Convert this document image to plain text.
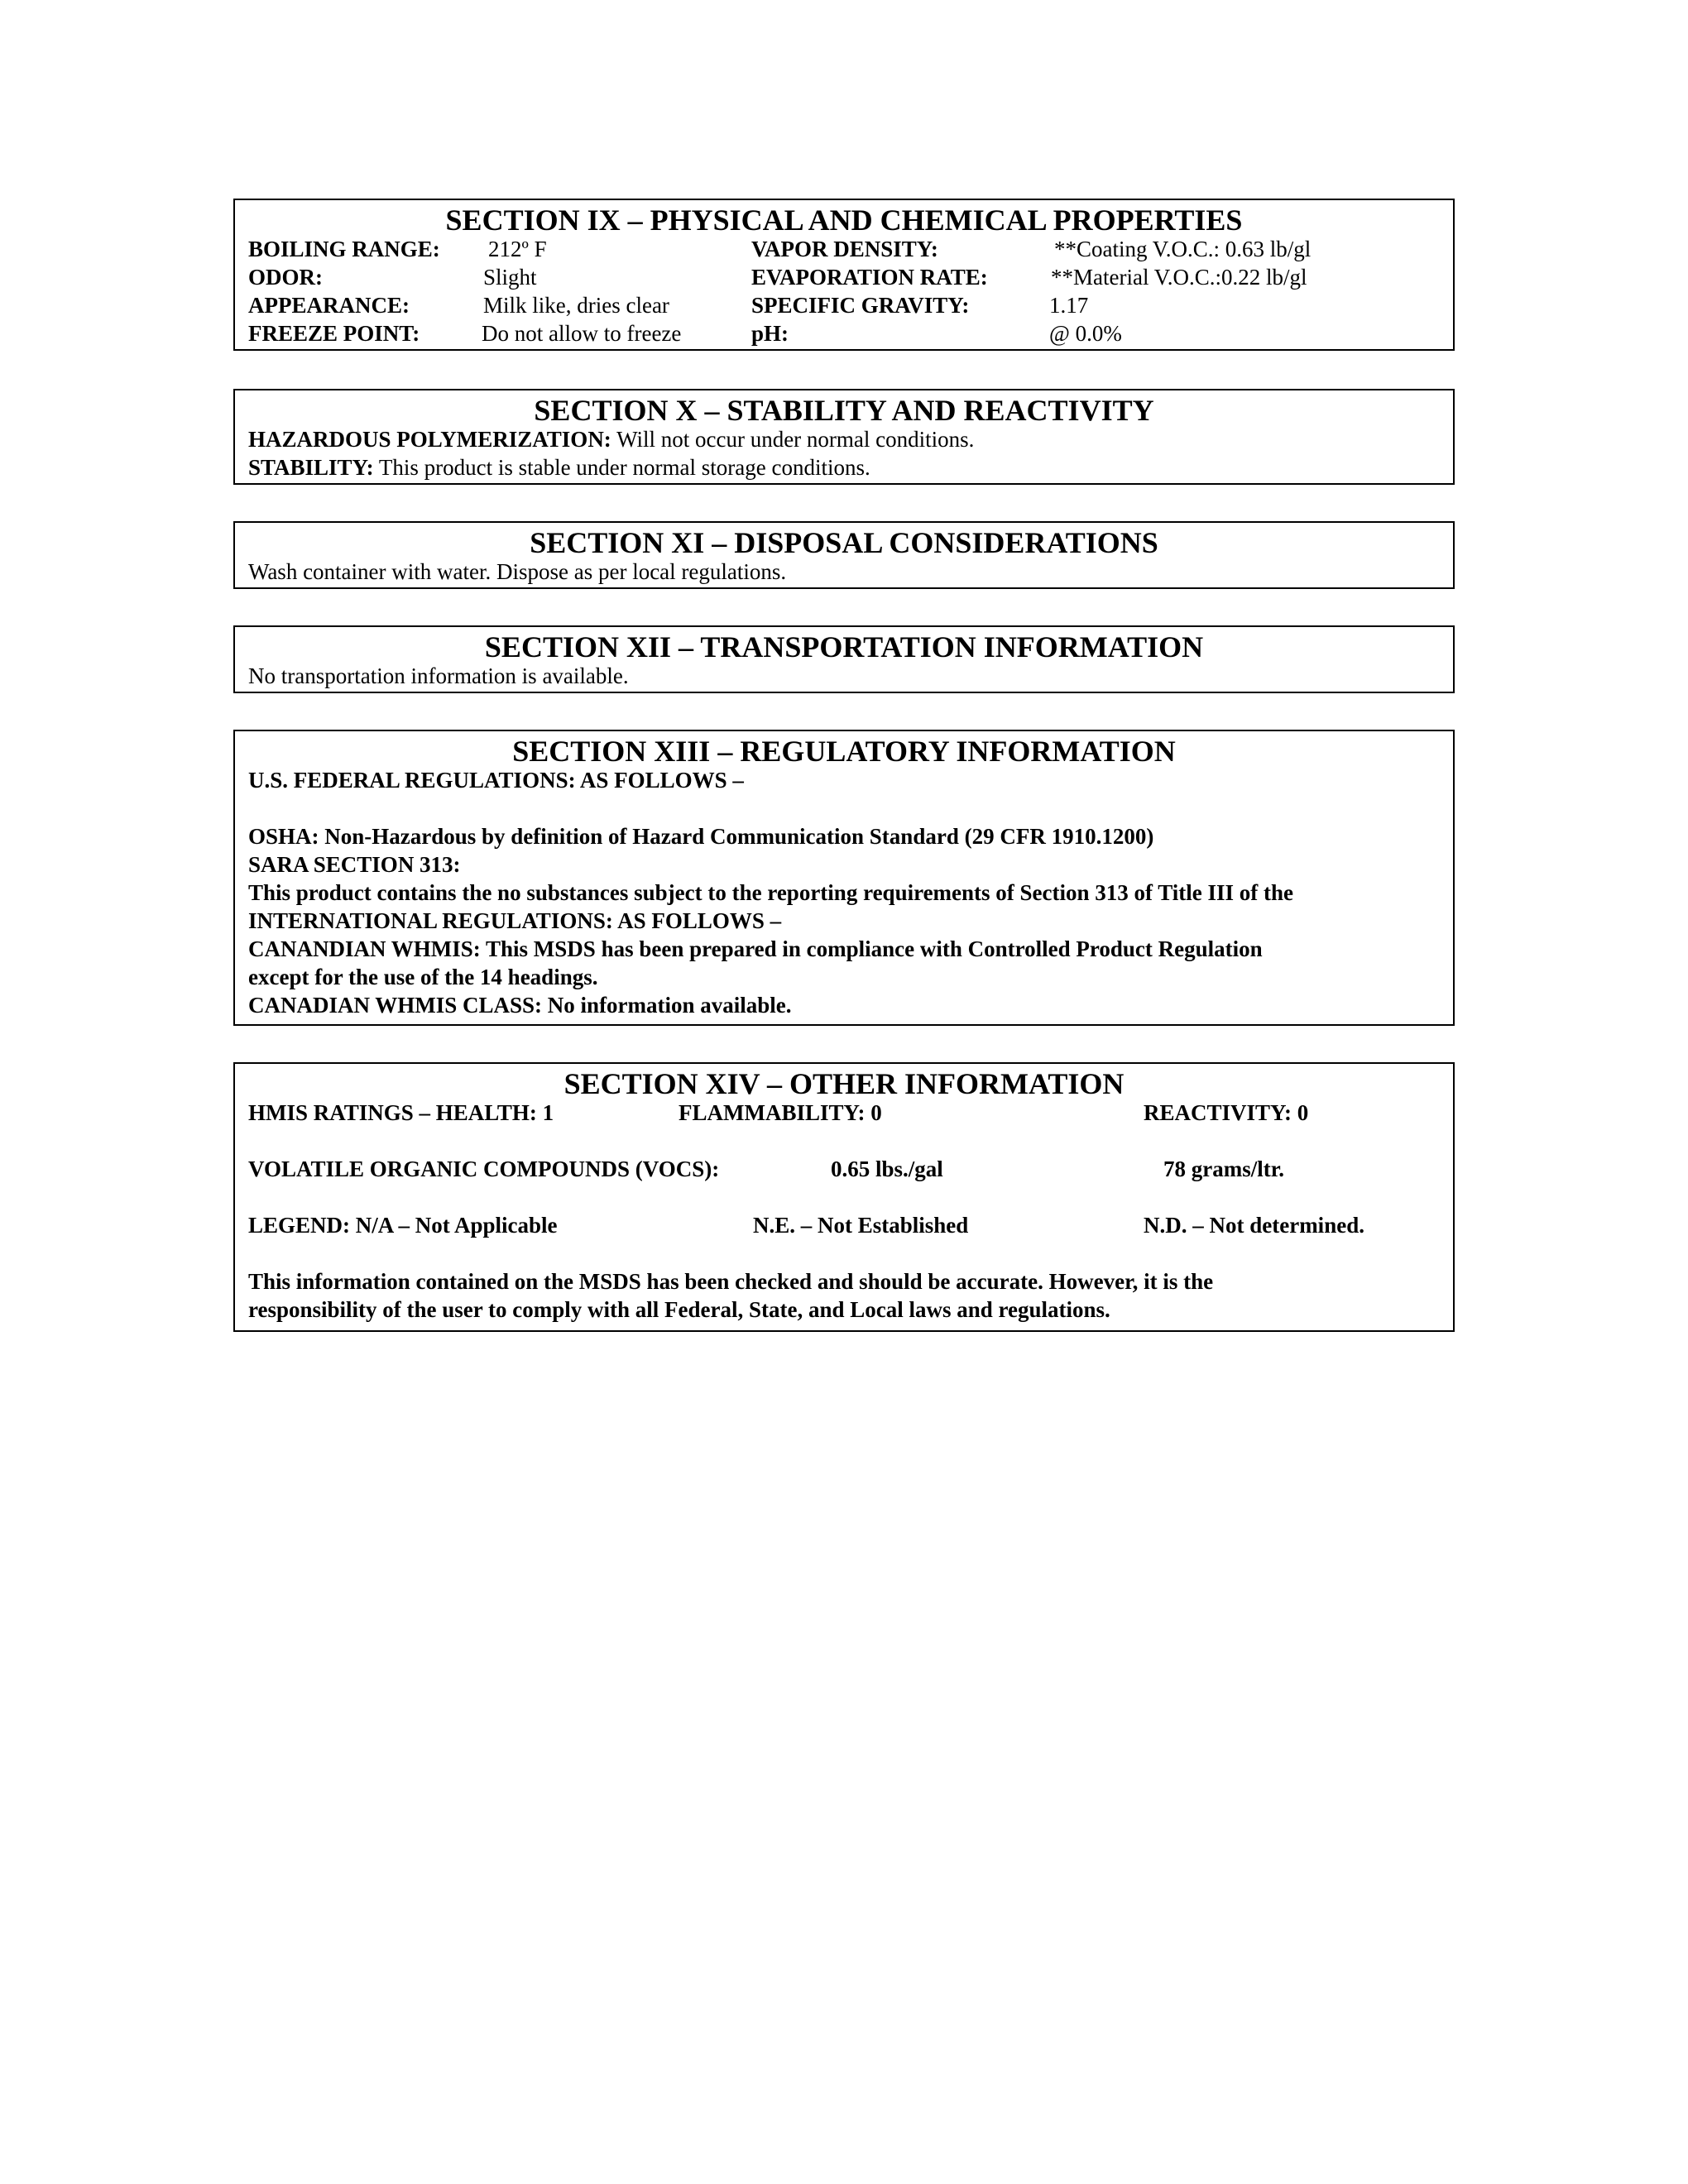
SECTION IX – PHYSICAL AND CHEMICAL PROPERTIES
BOILING RANGE: 212º F	VAPOR DENSITY:	**Coating V.O.C.: 0.63 lb/gl

ODOR:	Slight	EVAPORATION RATE:	**Material V.O.C.:0.22 lb/gl

APPEARANCE:	Milk like, dries clear	SPECIFIC GRAVITY:	1.17

FREEZE POINT:	Do not allow to freeze	pH:	@ 0.0%

SECTION X – STABILITY AND REACTIVITY
HAZARDOUS POLYMERIZATION: Will not occur under normal conditions.
STABILITY: This product is stable under normal storage conditions.
SECTION XI – DISPOSAL CONSIDERATIONS
Wash container with water. Dispose as per local regulations.
SECTION XII – TRANSPORTATION INFORMATION
No transportation information is available.
SECTION XIII – REGULATORY INFORMATION
U.S. FEDERAL REGULATIONS: AS FOLLOWS –
OSHA: Non-Hazardous by definition of Hazard Communication Standard (29 CFR 1910.1200)
SARA SECTION 313:
This product contains the no substances subject to the reporting requirements of Section 313 of Title III of the
INTERNATIONAL REGULATIONS: AS FOLLOWS –
CANANDIAN WHMIS: This MSDS has been prepared in compliance with Controlled Product Regulation
except for the use of the 14 headings.
CANADIAN WHMIS CLASS: No information available.
SECTION XIV – OTHER INFORMATION
HMIS RATINGS – HEALTH: 1	FLAMMABILITY: 0	REACTIVITY: 0

VOLATILE ORGANIC COMPOUNDS (VOCS):	0.65 lbs./gal	78 grams/ltr.

LEGEND: N/A – Not Applicable	N.E. – Not Established	N.D. – Not determined.

This information contained on the MSDS has been checked and should be accurate. However, it is the
responsibility of the user to comply with all Federal, State, and Local laws and regulations.
